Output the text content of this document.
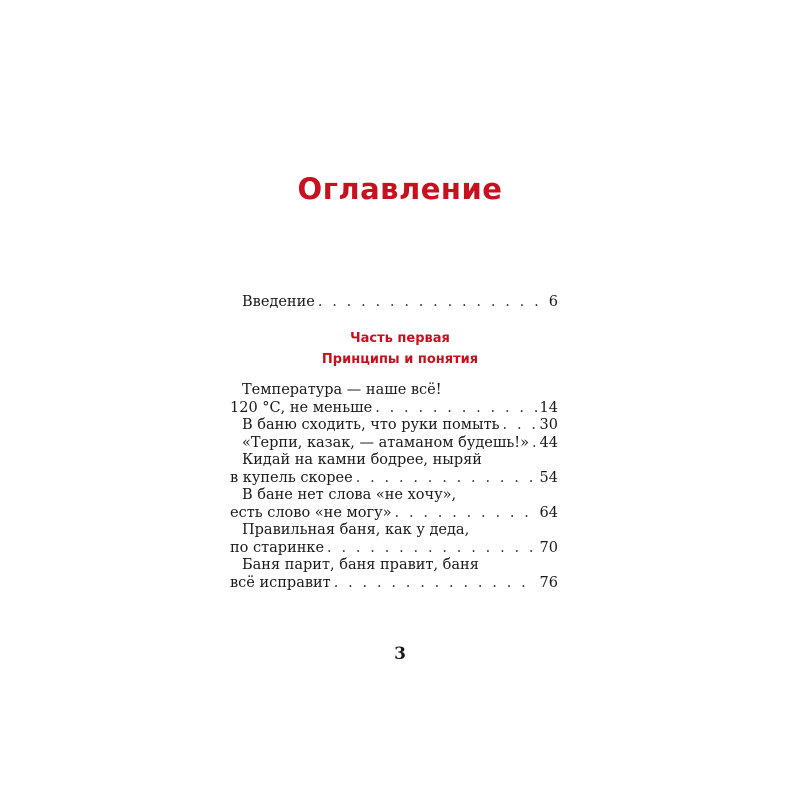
Оглавление
Введение . . .	6
Часть первая
Принципы и понятия
Температура — наше всё!
120 °С, не меньше . . .	14
В баню сходить, что руки помыть . . .	30
«Терпи, казак, — атаманом будешь!» . . . 44
Кидай на камни бодрее, ныряй
в купель скорее . . .	54
В бане нет слова «не хочу»,
есть слово «не могу» . . .	64
Правильная баня, как у деда,
по старинке . . .	70
Баня парит, баня правит, баня
всё исправит . . .	76
3
